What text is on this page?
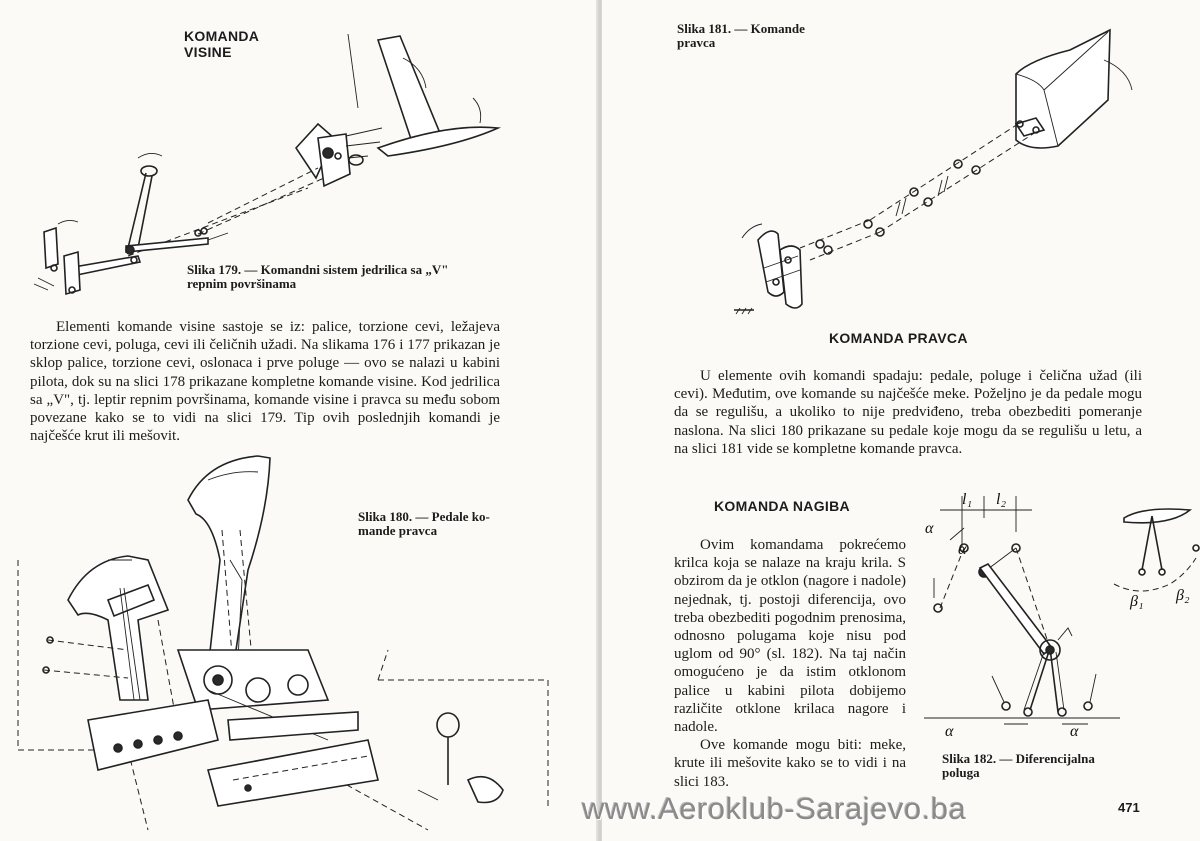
KOMANDA
VISINE
Slika 179. — Komandni sistem jedrilica sa „V"
repnim površinama

Elementi komande visine sastoje se iz: palice, torzione cevi, ležajeva torzione cevi, poluga, cevi ili čeličnih užadi. Na slikama 176 i 177 prikazan je sklop palice, torzione cevi, oslonaca i prve poluge — ovo se nalazi u kabini pilota, dok su na slici 178 prikazane kompletne komande visine. Kod jedrilica sa „V", tj. leptir repnim površinama, komande visine i pravca su među sobom povezane kako se to vidi na slici 179. Tip ovih poslednjih komandi je najčešće krut ili mešovit.

Slika 180. — Pedale ko-
mande pravca
Slika 181. — Komande
pravca
KOMANDA PRAVCA

U elemente ovih komandi spadaju: pedale, poluge i čelična užad (ili cevi). Međutim, ove komande su najčešće meke. Poželjno je da pedale mogu da se regulišu, a ukoliko to nije predviđeno, treba obezbediti pomeranje naslona. Na slici 180 prikazane su pedale koje mogu da se regulišu u letu, a na slici 181 vide se kompletne komande pravca.

KOMANDA NAGIBA

Ovim komandama pokrećemo krilca koja se nalaze na kraju krila. S obzirom da je otklon (nagore i nadole) nejednak, tj. postoji diferencija, ovo treba obezbediti pogodnim prenosima, odnosno polugama koje nisu pod uglom od 90° (sl. 182). Na taj način omogućeno je da istim otklonom palice u kabini pilota dobijemo različite otklone krilaca nagore i nadole.

Ove komande mogu biti: meke, krute ili mešovite kako se to vidi i na slici 183.

α
α
α	α
l₁ l₂
β₁ β₂
Slika 182. — Diferencijalna
poluga
471
www.Aeroklub-Sarajevo.ba
